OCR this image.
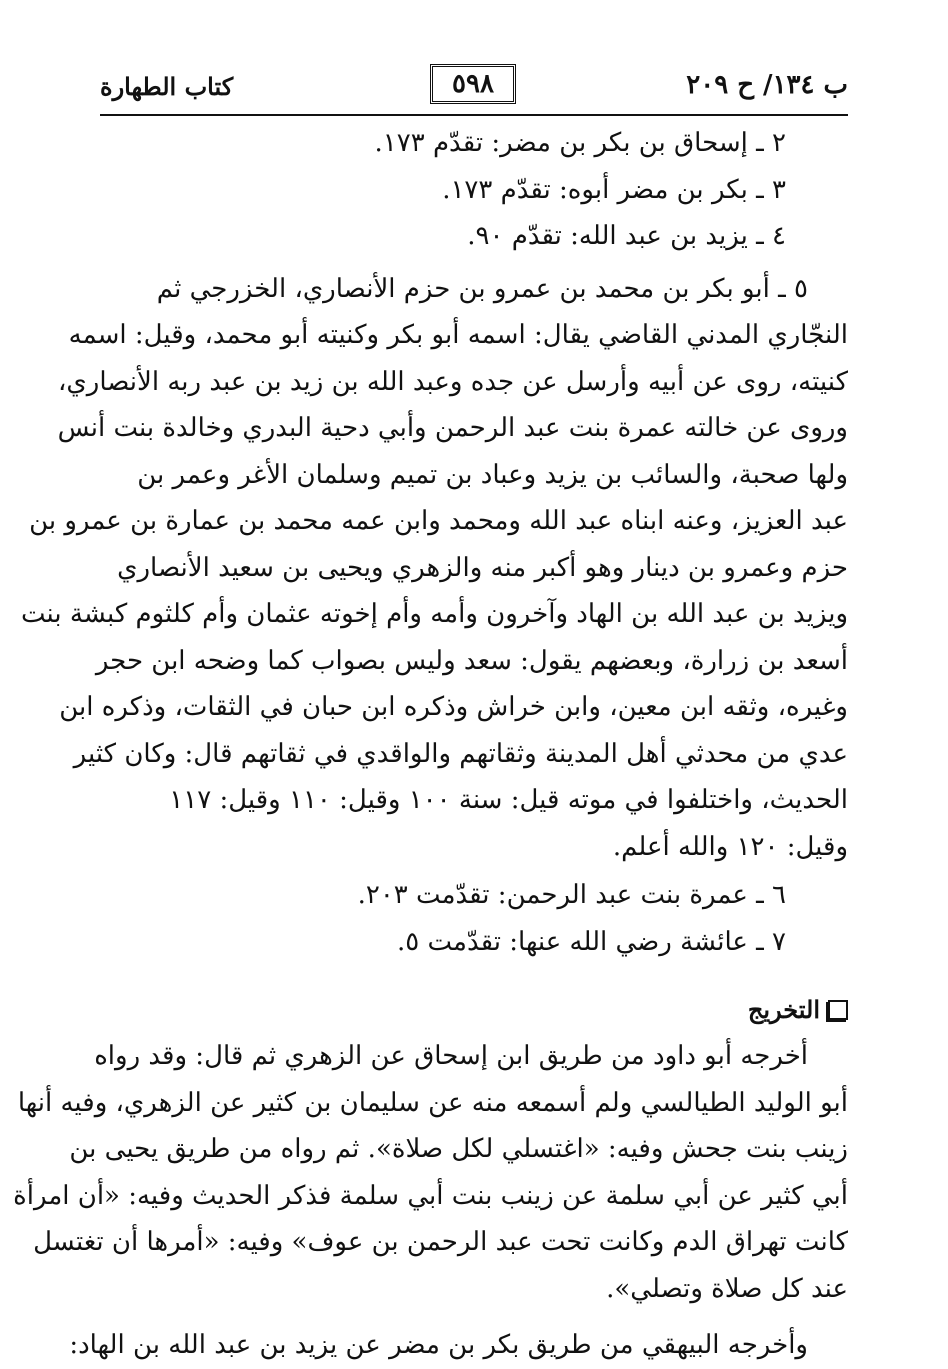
كتاب الطهارة	٥٩٨	ب ١٣٤/ ح ٢٠٩
٢ ـ إسحاق بن بكر بن مضر: تقدّم ١٧٣.
٣ ـ بكر بن مضر أبوه: تقدّم ١٧٣.
٤ ـ يزيد بن عبد الله: تقدّم ٩٠.
٥ ـ أبو بكر بن محمد بن عمرو بن حزم الأنصاري، الخزرجي ثم
النجّاري المدني القاضي يقال: اسمه أبو بكر وكنيته أبو محمد، وقيل: اسمه
كنيته، روى عن أبيه وأرسل عن جده وعبد الله بن زيد بن عبد ربه الأنصاري،
وروى عن خالته عمرة بنت عبد الرحمن وأبي دحية البدري وخالدة بنت أنس
ولها صحبة، والسائب بن يزيد وعباد بن تميم وسلمان الأغر وعمر بن
عبد العزيز، وعنه ابناه عبد الله ومحمد وابن عمه محمد بن عمارة بن عمرو بن
حزم وعمرو بن دينار وهو أكبر منه والزهري ويحيى بن سعيد الأنصاري
ويزيد بن عبد الله بن الهاد وآخرون وأمه وأم إخوته عثمان وأم كلثوم كبشة بنت
أسعد بن زرارة، وبعضهم يقول: سعد وليس بصواب كما وضحه ابن حجر
وغيره، وثقه ابن معين، وابن خراش وذكره ابن حبان في الثقات، وذكره ابن
عدي من محدثي أهل المدينة وثقاتهم والواقدي في ثقاتهم قال: وكان كثير
الحديث، واختلفوا في موته قيل: سنة ١٠٠ وقيل: ١١٠ وقيل: ١١٧
وقيل: ١٢٠ والله أعلم.
٦ ـ عمرة بنت عبد الرحمن: تقدّمت ٢٠٣.
٧ ـ عائشة رضي الله عنها: تقدّمت ٥.
التخريج
أخرجه أبو داود من طريق ابن إسحاق عن الزهري ثم قال: وقد رواه
أبو الوليد الطيالسي ولم أسمعه منه عن سليمان بن كثير عن الزهري، وفيه أنها
زينب بنت جحش وفيه: «اغتسلي لكل صلاة». ثم رواه من طريق يحيى بن
أبي كثير عن أبي سلمة عن زينب بنت أبي سلمة فذكر الحديث وفيه: «أن امرأة
كانت تهراق الدم وكانت تحت عبد الرحمن بن عوف» وفيه: «أمرها أن تغتسل
عند كل صلاة وتصلي».
وأخرجه البيهقي من طريق بكر بن مضر عن يزيد بن عبد الله بن الهاد:
